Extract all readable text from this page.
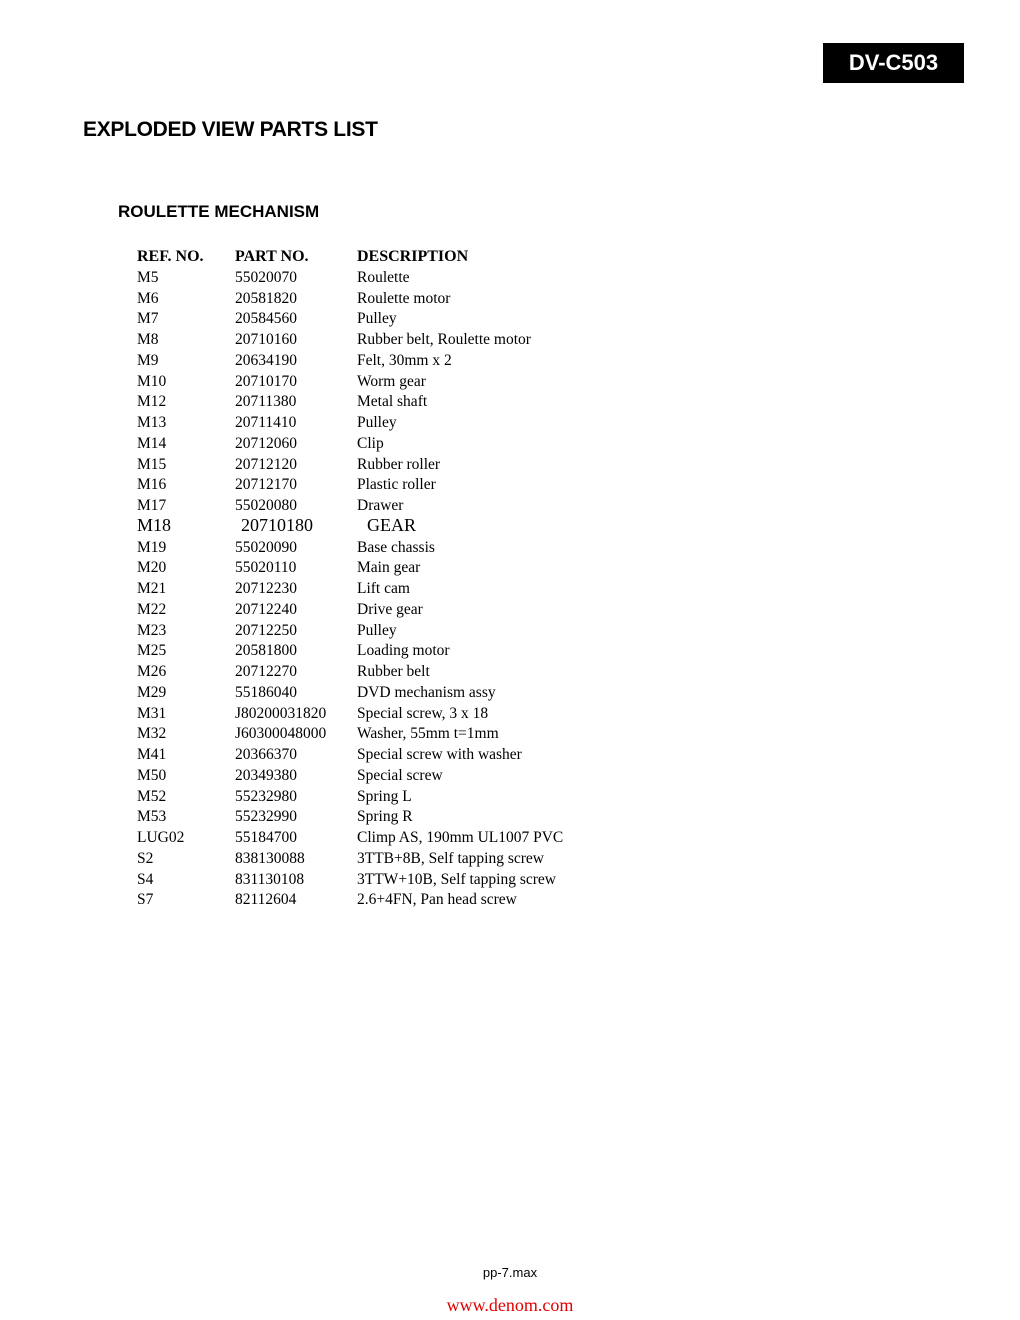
DV-C503
EXPLODED VIEW PARTS LIST
ROULETTE MECHANISM
REF. NO.	PART NO.	DESCRIPTION
M5	55020070	Roulette
M6	20581820	Roulette motor
M7	20584560	Pulley
M8	20710160	Rubber belt, Roulette motor
M9	20634190	Felt, 30mm x 2
M10	20710170	Worm gear
M12	20711380	Metal shaft
M13	20711410	Pulley
M14	20712060	Clip
M15	20712120	Rubber roller
M16	20712170	Plastic roller
M17	55020080	Drawer
M18	20710180	GEAR
M19	55020090	Base chassis
M20	55020110	Main gear
M21	20712230	Lift cam
M22	20712240	Drive gear
M23	20712250	Pulley
M25	20581800	Loading motor
M26	20712270	Rubber belt
M29	55186040	DVD mechanism assy
M31	J80200031820	Special screw, 3 x 18
M32	J60300048000	Washer, 55mm t=1mm
M41	20366370	Special screw with washer
M50	20349380	Special screw
M52	55232980	Spring L
M53	55232990	Spring R
LUG02	55184700	Climp AS, 190mm UL1007 PVC
S2	838130088	3TTB+8B, Self tapping screw
S4	831130108	3TTW+10B, Self tapping screw
S7	82112604	2.6+4FN, Pan head screw
pp-7.max
www.denom.com
